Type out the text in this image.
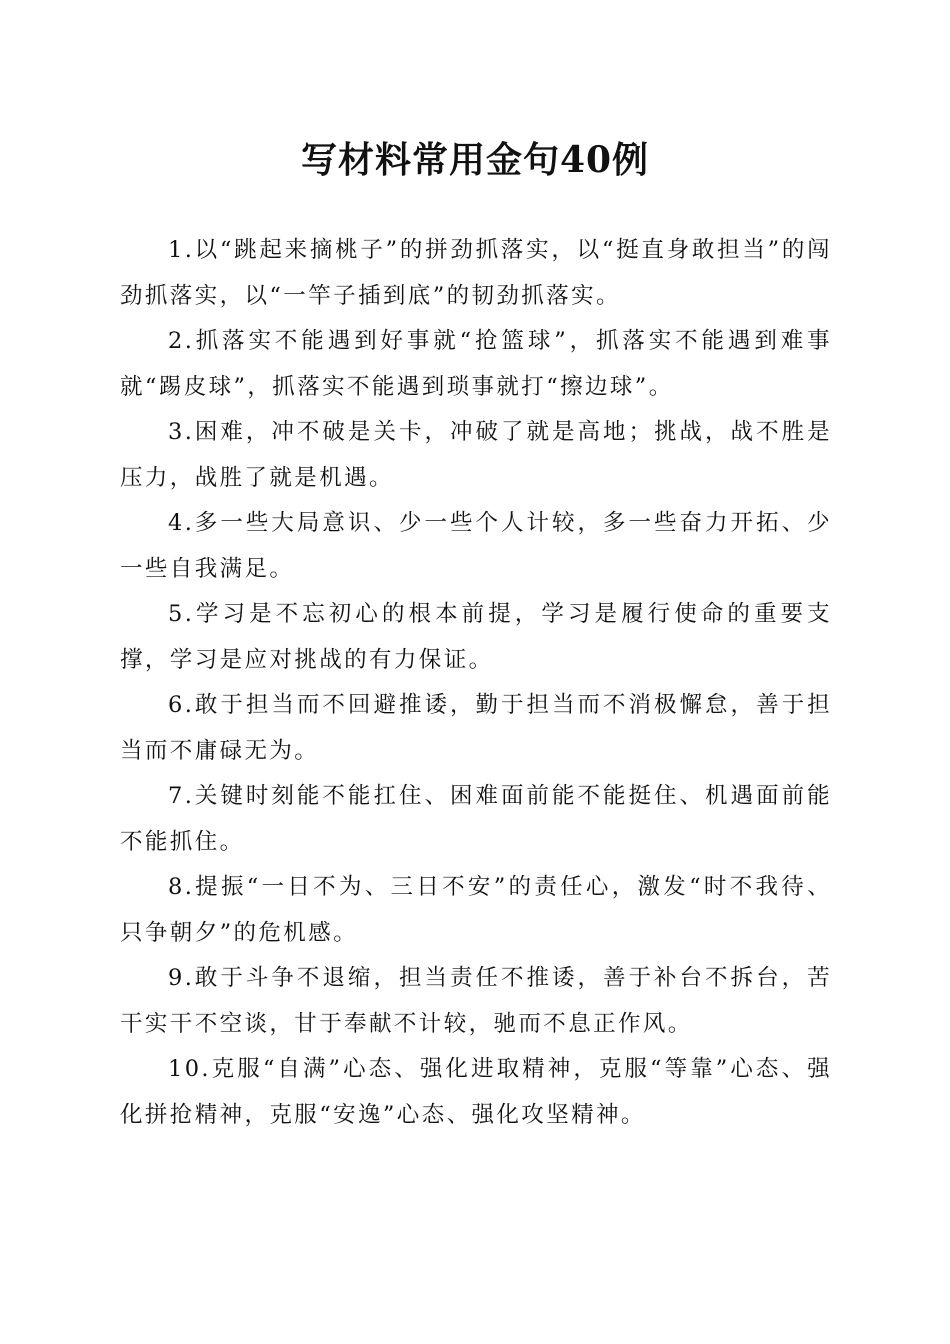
写材料常用金句40例

1.以“跳起来摘桃子”的拼劲抓落实，以“挺直身敢担当”的闯劲抓落实，以“一竿子插到底”的韧劲抓落实。

2.抓落实不能遇到好事就“抢篮球”，抓落实不能遇到难事就“踢皮球”，抓落实不能遇到琐事就打“擦边球”。

3.困难，冲不破是关卡，冲破了就是高地；挑战，战不胜是压力，战胜了就是机遇。

4.多一些大局意识、少一些个人计较，多一些奋力开拓、少一些自我满足。

5.学习是不忘初心的根本前提，学习是履行使命的重要支撑，学习是应对挑战的有力保证。

6.敢于担当而不回避推诿，勤于担当而不消极懈怠，善于担当而不庸碌无为。

7.关键时刻能不能扛住、困难面前能不能挺住、机遇面前能不能抓住。

8.提振“一日不为、三日不安”的责任心，激发“时不我待、只争朝夕”的危机感。

9.敢于斗争不退缩，担当责任不推诿，善于补台不拆台，苦干实干不空谈，甘于奉献不计较，驰而不息正作风。

10.克服“自满”心态、强化进取精神，克服“等靠”心态、强化拼抢精神，克服“安逸”心态、强化攻坚精神。
